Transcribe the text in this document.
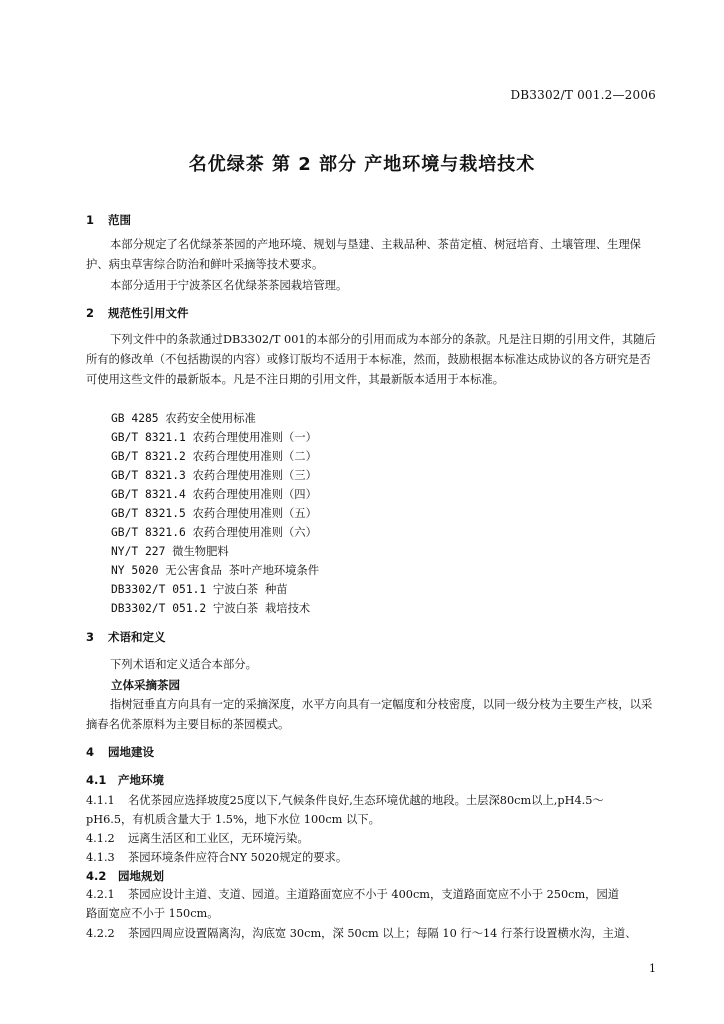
DB3302/T 001.2—2006
名优绿茶 第 2 部分 产地环境与栽培技术
1 范围
本部分规定了名优绿茶茶园的产地环境、规划与垦建、主栽品种、茶苗定植、树冠培育、土壤管理、生理保护、病虫草害综合防治和鲜叶采摘等技术要求。
本部分适用于宁波茶区名优绿茶茶园栽培管理。
2 规范性引用文件
下列文件中的条款通过DB3302/T 001的本部分的引用而成为本部分的条款。凡是注日期的引用文件，其随后所有的修改单（不包括勘误的内容）或修订版均不适用于本标准，然而，鼓励根据本标准达成协议的各方研究是否可使用这些文件的最新版本。凡是不注日期的引用文件，其最新版本适用于本标准。
GB 4285 农药安全使用标准
GB/T 8321.1 农药合理使用准则（一）
GB/T 8321.2 农药合理使用准则（二）
GB/T 8321.3 农药合理使用准则（三）
GB/T 8321.4 农药合理使用准则（四）
GB/T 8321.5 农药合理使用准则（五）
GB/T 8321.6 农药合理使用准则（六）
NY/T 227 微生物肥料
NY 5020 无公害食品 茶叶产地环境条件
DB3302/T 051.1 宁波白茶 种苗
DB3302/T 051.2 宁波白茶 栽培技术
3 术语和定义
下列术语和定义适合本部分。
立体采摘茶园
指树冠垂直方向具有一定的采摘深度，水平方向具有一定幅度和分枝密度，以同一级分枝为主要生产枝，以采摘春名优茶原料为主要目标的茶园模式。
4 园地建设
4.1 产地环境
4.1.1 名优茶园应选择坡度25度以下,气候条件良好,生态环境优越的地段。土层深80cm以上,pH4.5～
pH6.5，有机质含量大于 1.5%，地下水位 100cm 以下。
4.1.2 远离生活区和工业区，无环境污染。
4.1.3 茶园环境条件应符合NY 5020规定的要求。
4.2 园地规划
4.2.1 茶园应设计主道、支道、园道。主道路面宽应不小于 400cm，支道路面宽应不小于 250cm，园道
路面宽应不小于 150cm。
4.2.2 茶园四周应设置隔离沟，沟底宽 30cm，深 50cm 以上；每隔 10 行～14 行茶行设置横水沟，主道、
1
